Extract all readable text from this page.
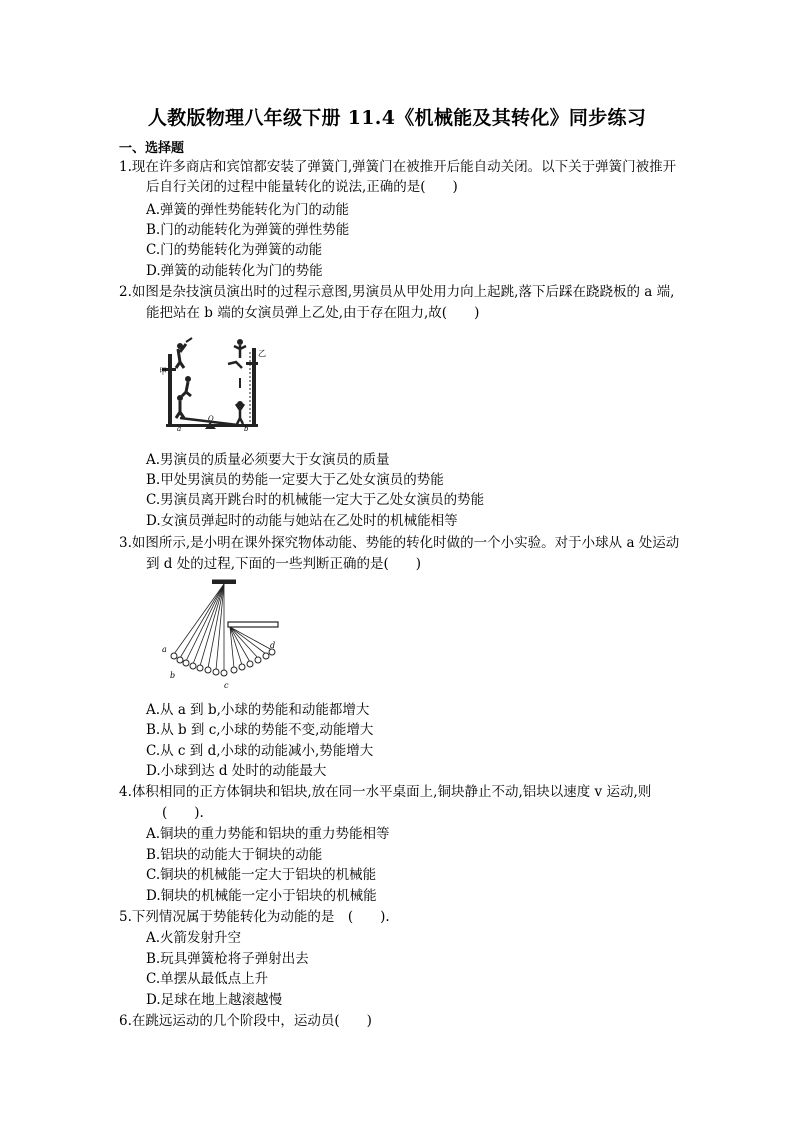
人教版物理八年级下册 11.4《机械能及其转化》同步练习
一、选择题
1.现在许多商店和宾馆都安装了弹簧门,弹簧门在被推开后能自动关闭。以下关于弹簧门被推开
后自行关闭的过程中能量转化的说法,正确的是(　　)
A.弹簧的弹性势能转化为门的动能
B.门的动能转化为弹簧的弹性势能
C.门的势能转化为弹簧的动能
D.弹簧的动能转化为门的势能
2.如图是杂技演员演出时的过程示意图,男演员从甲处用力向上起跳,落下后踩在跷跷板的 a 端,
能把站在 b 端的女演员弹上乙处,由于存在阻力,故(　　)
甲
乙
a
O
b
A.男演员的质量必须要大于女演员的质量
B.甲处男演员的势能一定要大于乙处女演员的势能
C.男演员离开跳台时的机械能一定大于乙处女演员的势能
D.女演员弹起时的动能与她站在乙处时的机械能相等
3.如图所示,是小明在课外探究物体动能、势能的转化时做的一个小实验。对于小球从 a 处运动
到 d 处的过程,下面的一些判断正确的是(　　)
a
b
c
d
A.从 a 到 b,小球的势能和动能都增大
B.从 b 到 c,小球的势能不变,动能增大
C.从 c 到 d,小球的动能减小,势能增大
D.小球到达 d 处时的动能最大
4.体积相同的正方体铜块和铝块,放在同一水平桌面上,铜块静止不动,铝块以速度 v 运动,则
(　　).
A.铜块的重力势能和铝块的重力势能相等
B.铝块的动能大于铜块的动能
C.铜块的机械能一定大于铝块的机械能
D.铜块的机械能一定小于铝块的机械能
5.下列情况属于势能转化为动能的是　(　　).
A.火箭发射升空
B.玩具弹簧枪将子弹射出去
C.单摆从最低点上升
D.足球在地上越滚越慢
6.在跳远运动的几个阶段中，运动员(　　)
